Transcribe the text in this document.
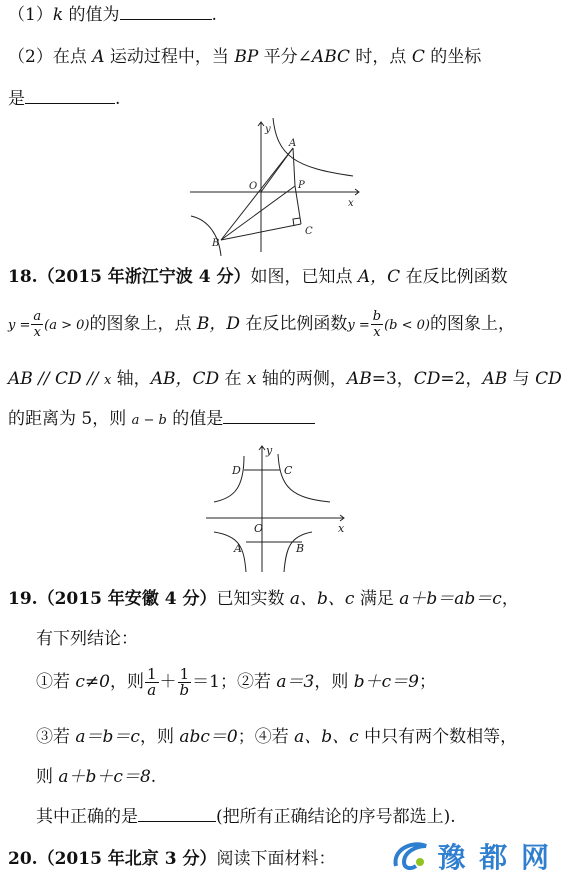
（1）k 的值为	.
（2）在点 A 运动过程中，当 BP 平分∠ABC 时，点 C 的坐标
是	.
y
x
O
A
P
B
C
18.（2015 年浙江宁波 4 分）如图，已知点 A，C 在反比例函数
$y = \frac{a}{x} (a > 0)$的图象上，点 B，D 在反比例函数$y = \frac{b}{x} (b < 0)$的图象上，
AB // CD // x 轴，AB，CD 在 x 轴的两侧，AB=3，CD=2，AB 与 CD
的距离为 5，则 a − b 的值是
y
x
O
D	C
A	B
19.（2015 年安徽 4 分）已知实数 a、b、c 满足 a＋b＝ab＝c，
有下列结论：
①若 c≠0，则 $\frac{1}{a} + \frac{1}{b} =1$；②若 a＝3，则 b＋c＝9；
③若 a＝b＝c，则 abc＝0；④若 a、b、c 中只有两个数相等，
则 a＋b＋c＝8.
其中正确的是	(把所有正确结论的序号都选上).
20.（2015 年北京 3 分）阅读下面材料：	豫 都 网
